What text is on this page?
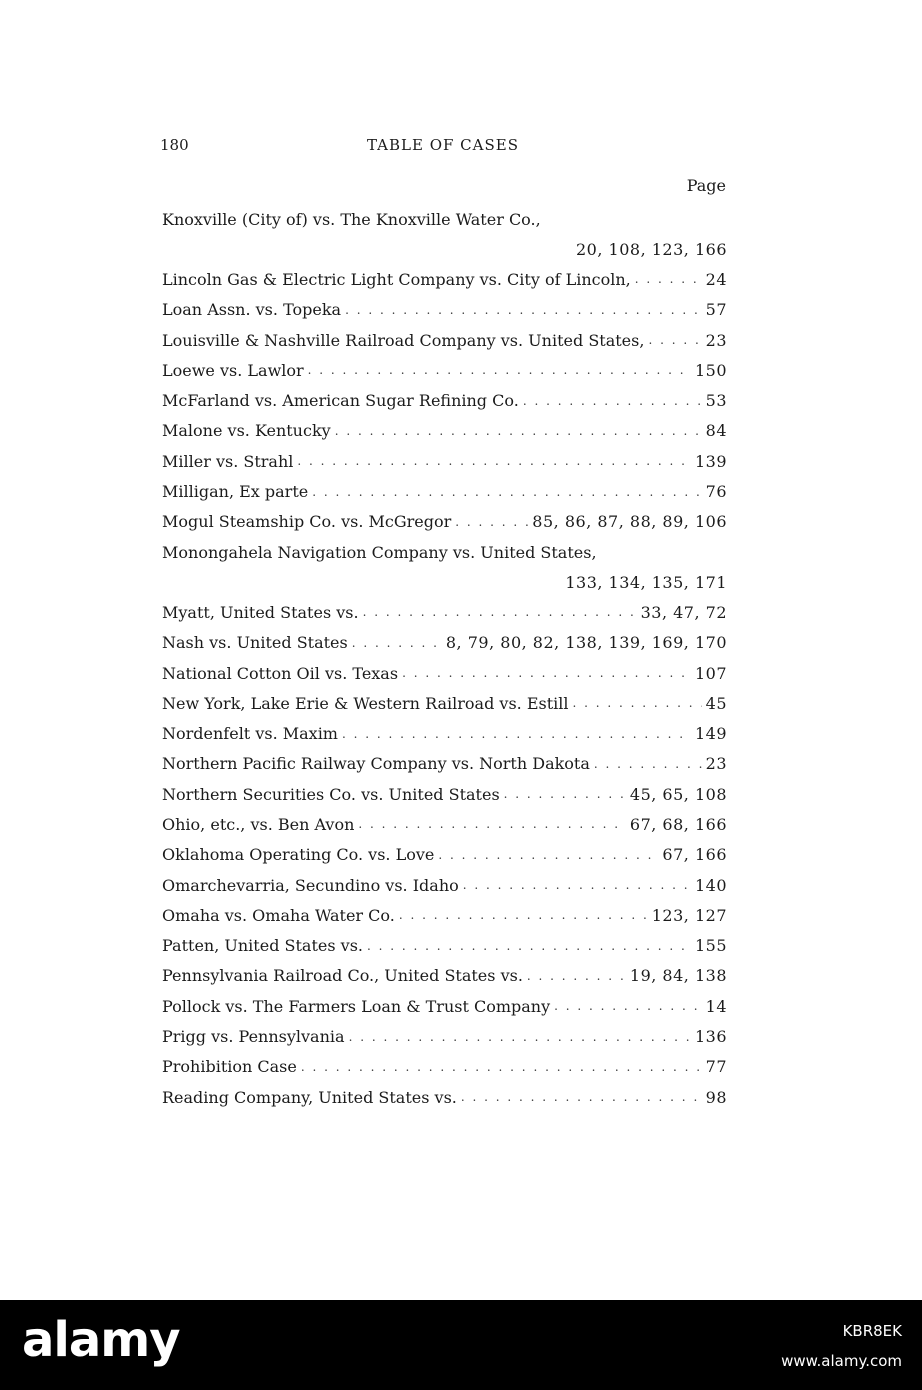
180	TABLE OF CASES
Page
Knoxville (City of) vs. The Knoxville Water Co.,
20, 108, 123, 166
Lincoln Gas & Electric Light Company vs. City of Lincoln, . . .	24
Loan Assn. vs. Topeka . . .	57
Louisville & Nashville Railroad Company vs. United States, . . .	23
Loewe vs. Lawlor . . .	150
McFarland vs. American Sugar Refining Co. . . .	53
Malone vs. Kentucky . . .	84
Miller vs. Strahl . . .	139
Milligan, Ex parte . . .	76
Mogul Steamship Co. vs. McGregor . . .	85, 86, 87, 88, 89, 106
Monongahela Navigation Company vs. United States,
133, 134, 135, 171
Myatt, United States vs. . . .	33, 47, 72
Nash vs. United States . . .	8, 79, 80, 82, 138, 139, 169, 170
National Cotton Oil vs. Texas . . .	107
New York, Lake Erie & Western Railroad vs. Estill . . .	45
Nordenfelt vs. Maxim . . .	149
Northern Pacific Railway Company vs. North Dakota . . .	23
Northern Securities Co. vs. United States . . .	45, 65, 108
Ohio, etc., vs. Ben Avon . . .	67, 68, 166
Oklahoma Operating Co. vs. Love . . .	67, 166
Omarchevarria, Secundino vs. Idaho . . .	140
Omaha vs. Omaha Water Co. . . .	123, 127
Patten, United States vs. . . .	155
Pennsylvania Railroad Co., United States vs. . . .	19, 84, 138
Pollock vs. The Farmers Loan & Trust Company . . .	14
Prigg vs. Pennsylvania . . .	136
Prohibition Case . . .	77
Reading Company, United States vs. . . .	98
alamy	KBR8EK
www.alamy.com
